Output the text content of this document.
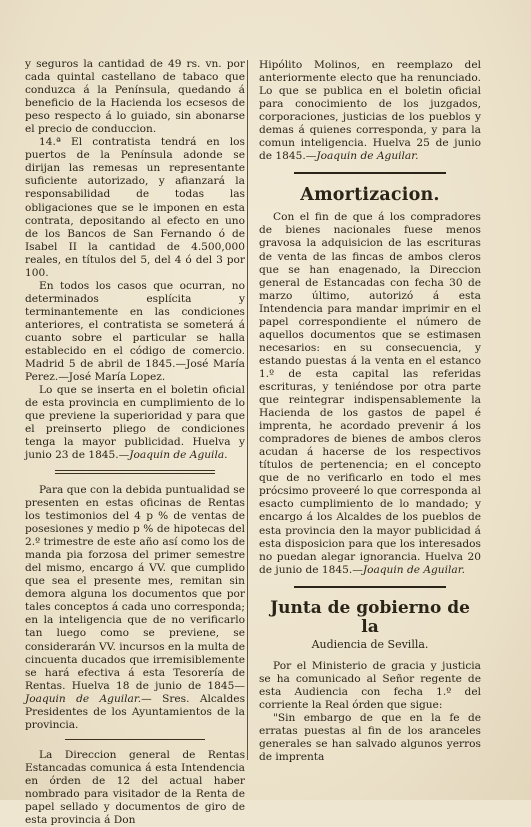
y seguros la cantidad de 49 rs. vn. por cada quintal castellano de tabaco que conduzca á la Península, quedando á beneficio de la Hacienda los ecsesos de peso respecto á lo guiado, sin abonarse el precio de conduccion.

14.ª El contratista tendrá en los puertos de la Península adonde se dirijan las remesas un representante suficiente autorizado, y afianzará la responsabilidad de todas las obligaciones que se le imponen en esta contrata, depositando al efecto en uno de los Bancos de San Fernando ó de Isabel II la cantidad de 4.500,000 reales, en títulos del 5, del 4 ó del 3 por 100.

En todos los casos que ocurran, no determinados esplícita y terminantemente en las condiciones anteriores, el contratista se someterá á cuanto sobre el particular se halla establecido en el código de comercio. Madrid 5 de abril de 1845.—José María Perez.—José María Lopez.

Lo que se inserta en el boletin oficial de esta provincia en cumplimiento de lo que previene la superioridad y para que el preinserto pliego de condiciones tenga la mayor publicidad. Huelva y junio 23 de 1845.—Joaquin de Aguila.

Para que con la debida puntualidad se presenten en estas oficinas de Rentas los testimonios del 4 p % de ventas de posesiones y medio p % de hipotecas del 2.º trimestre de este año así como los de manda pia forzosa del primer semestre del mismo, encargo á VV. que cumplido que sea el presente mes, remitan sin demora alguna los documentos que por tales conceptos á cada uno corresponda; en la inteligencia que de no verificarlo tan luego como se previene, se considerarán VV. incursos en la multa de cincuenta ducados que irremisiblemente se hará efectiva á esta Tesorería de Rentas. Huelva 18 de junio de 1845— Joaquin de Aguilar.— Sres. Alcaldes Presidentes de los Ayuntamientos de la provincia.

La Direccion general de Rentas Estancadas comunica á esta Intendencia en órden de 12 del actual haber nombrado para visitador de la Renta de papel sellado y documentos de giro de esta provincia á Don

Hipólito Molinos, en reemplazo del anteriormente electo que ha renunciado. Lo que se publica en el boletin oficial para conocimiento de los juzgados, corporaciones, justicias de los pueblos y demas á quienes corresponda, y para la comun inteligencia. Huelva 25 de junio de 1845.—Joaquin de Aguilar.

Amortizacion.

Con el fin de que á los compradores de bienes nacionales fuese menos gravosa la adquisicion de las escrituras de venta de las fincas de ambos cleros que se han enagenado, la Direccion general de Estancadas con fecha 30 de marzo último, autorizó á esta Intendencia para mandar imprimir en el papel correspondiente el número de aquellos documentos que se estimasen necesarios: en su consecuencia, y estando puestas á la venta en el estanco 1.º de esta capital las referidas escrituras, y teniéndose por otra parte que reintegrar indispensablemente la Hacienda de los gastos de papel é imprenta, he acordado prevenir á los compradores de bienes de ambos cleros acudan á hacerse de los respectivos títulos de pertenencia; en el concepto que de no verificarlo en todo el mes prócsimo proveeré lo que corresponda al esacto cumplimiento de lo mandado; y encargo á los Alcaldes de los pueblos de esta provincia den la mayor publicidad á esta disposicion para que los interesados no puedan alegar ignorancia. Huelva 20 de junio de 1845.—Joaquin de Aguilar.

Junta de gobierno de la
Audiencia de Sevilla.

Por el Ministerio de gracia y justicia se ha comunicado al Señor regente de esta Audiencia con fecha 1.º del corriente la Real órden que sigue:

"Sin embargo de que en la fe de erratas puestas al fin de los aranceles generales se han salvado algunos yerros de imprenta
